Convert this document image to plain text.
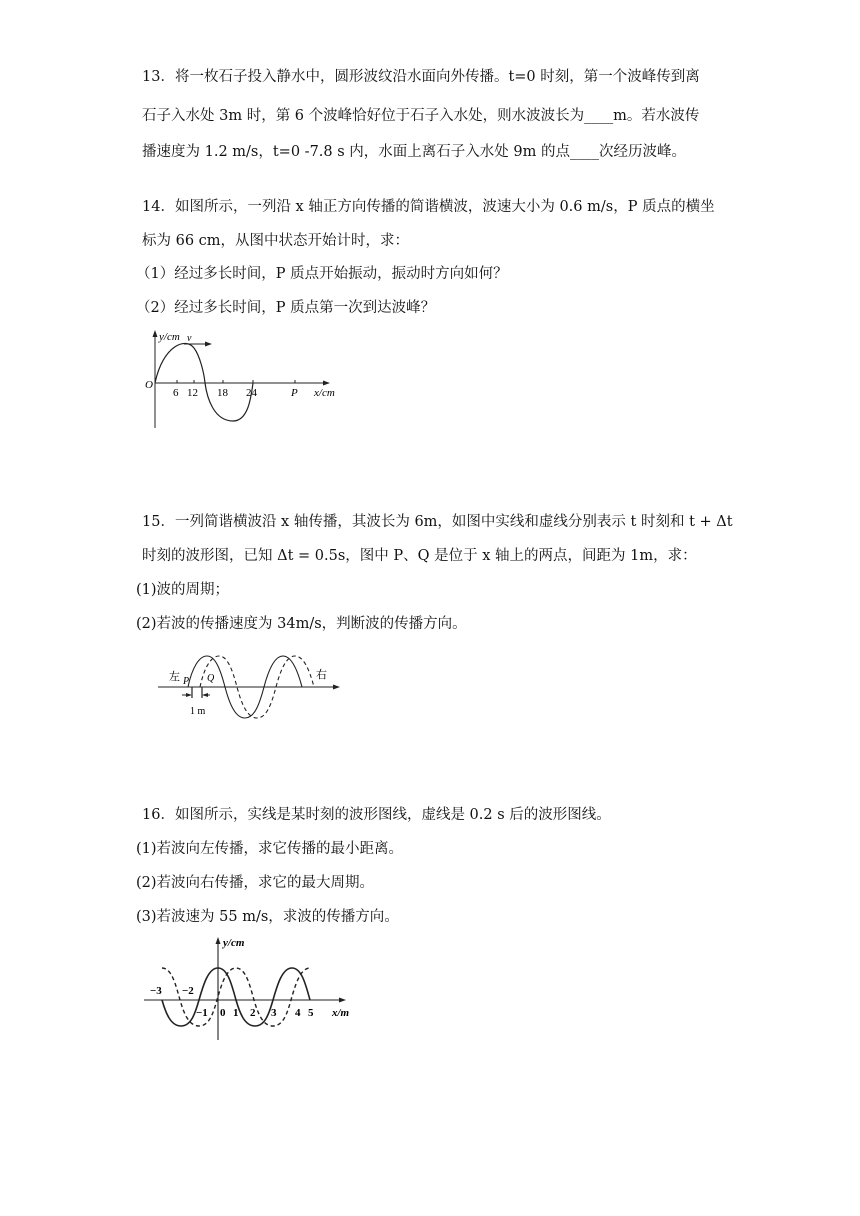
13．将一枚石子投入静水中，圆形波纹沿水面向外传播。t=0 时刻，第一个波峰传到离
石子入水处 3m 时，第 6 个波峰恰好位于石子入水处，则水波波长为____m。若水波传
播速度为 1.2 m/s，t=0 -7.8 s 内，水面上离石子入水处 9m 的点____次经历波峰。
14．如图所示，一列沿 x 轴正方向传播的简谐横波，波速大小为 0.6 m/s，P 质点的横坐
标为 66 cm，从图中状态开始计时，求：
（1）经过多长时间，P 质点开始振动，振动时方向如何？
（2）经过多长时间，P 质点第一次到达波峰？
y/cm v
O
6 12 18 24	P x/cm
15．一列简谐横波沿 x 轴传播，其波长为 6m，如图中实线和虚线分别表示 t 时刻和 t + Δt
时刻的波形图，已知 Δt = 0.5s，图中 P、Q 是位于 x 轴上的两点，间距为 1m，求：
(1)波的周期；
(2)若波的传播速度为 34m/s，判断波的传播方向。
左	右
P Q
1 m
16．如图所示，实线是某时刻的波形图线，虚线是 0.2 s 后的波形图线。
(1)若波向左传播，求它传播的最小距离。
(2)若波向右传播，求它的最大周期。
(3)若波速为 55 m/s，求波的传播方向。
−3 −2
−1 0 1 2 3 4 5
y/cm
x/m
